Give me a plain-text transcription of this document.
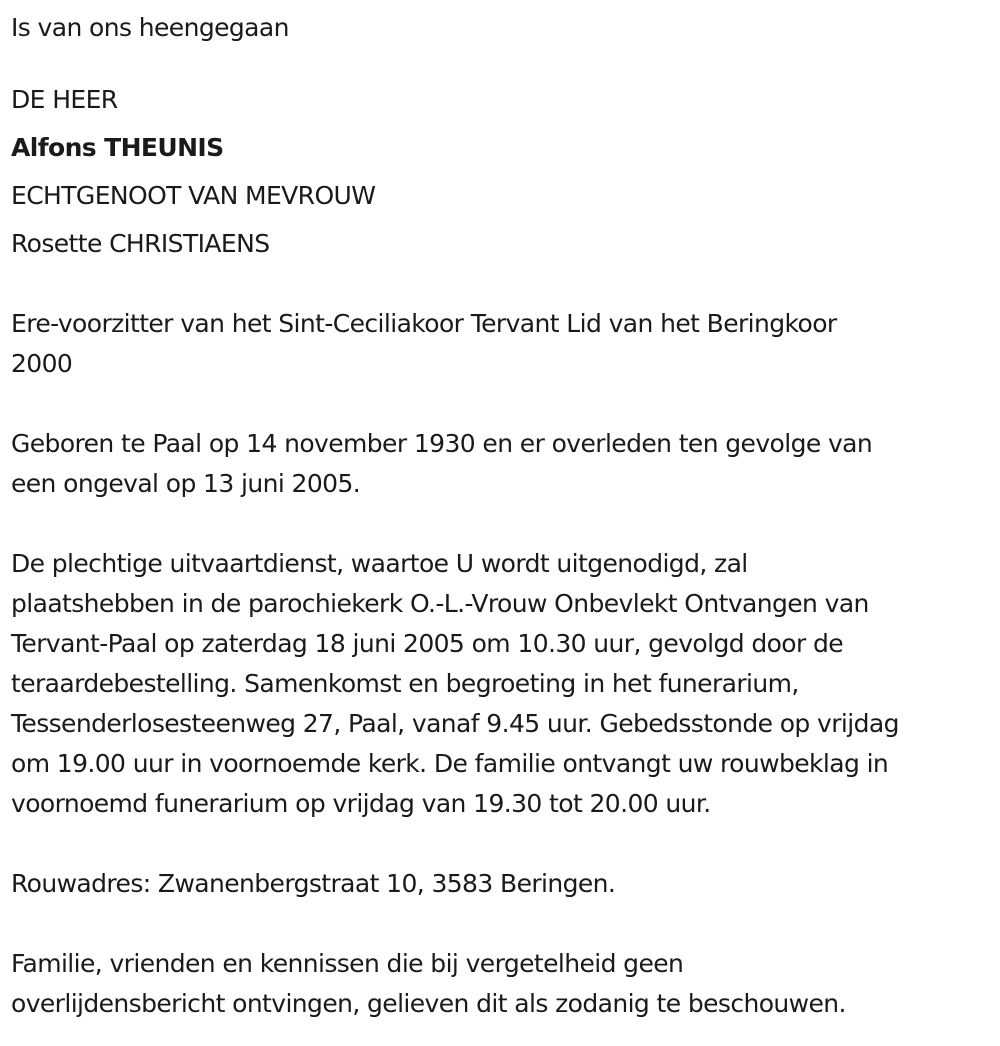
Is van ons heengegaan
DE HEER
Alfons THEUNIS
ECHTGENOOT VAN MEVROUW
Rosette CHRISTIAENS
Ere-voorzitter van het Sint-Ceciliakoor Tervant Lid van het Beringkoor
2000
Geboren te Paal op 14 november 1930 en er overleden ten gevolge van
een ongeval op 13 juni 2005.
De plechtige uitvaartdienst, waartoe U wordt uitgenodigd, zal
plaatshebben in de parochiekerk O.-L.-Vrouw Onbevlekt Ontvangen van
Tervant-Paal op zaterdag 18 juni 2005 om 10.30 uur, gevolgd door de
teraardebestelling. Samenkomst en begroeting in het funerarium,
Tessenderlosesteenweg 27, Paal, vanaf 9.45 uur. Gebedsstonde op vrijdag
om 19.00 uur in voornoemde kerk. De familie ontvangt uw rouwbeklag in
voornoemd funerarium op vrijdag van 19.30 tot 20.00 uur.
Rouwadres: Zwanenbergstraat 10, 3583 Beringen.
Familie, vrienden en kennissen die bij vergetelheid geen
overlijdensbericht ontvingen, gelieven dit als zodanig te beschouwen.
